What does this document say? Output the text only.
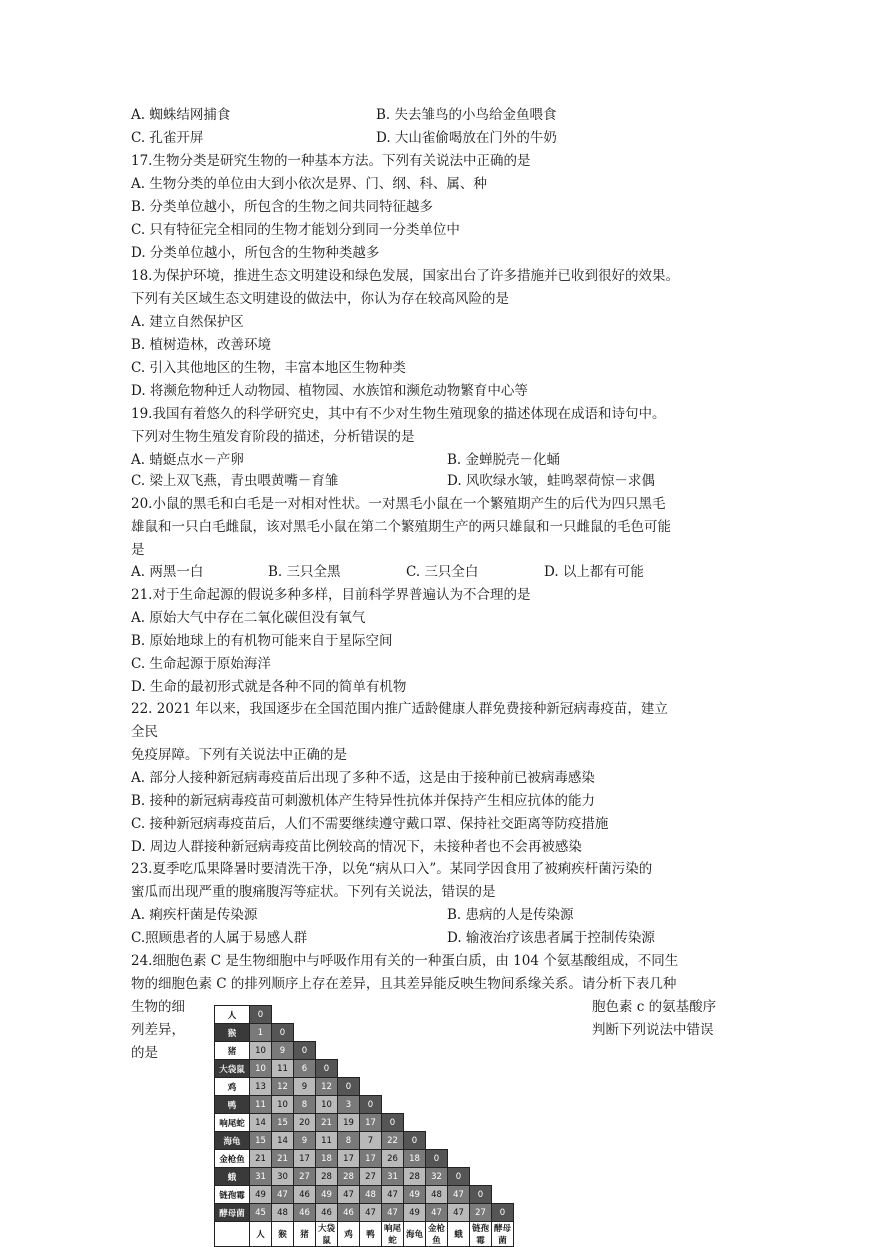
A. 蜘蛛结网捕食	B. 失去雏鸟的小鸟给金鱼喂食
C. 孔雀开屏	D. 大山雀偷喝放在门外的牛奶
17.生物分类是研究生物的一种基本方法。下列有关说法中正确的是
A. 生物分类的单位由大到小依次是界、门、纲、科、属、种
B. 分类单位越小，所包含的生物之间共同特征越多
C. 只有特征完全相同的生物才能划分到同一分类单位中
D. 分类单位越小，所包含的生物种类越多
18.为保护环境，推进生态文明建设和绿色发展，国家出台了许多措施并已收到很好的效果。
下列有关区域生态文明建设的做法中，你认为存在较高风险的是
A. 建立自然保护区
B. 植树造林，改善环境
C. 引入其他地区的生物，丰富本地区生物种类
D. 将濒危物种迁人动物园、植物园、水族馆和濒危动物繁育中心等
19.我国有着悠久的科学研究史，其中有不少对生物生殖现象的描述体现在成语和诗句中。
下列对生物生殖发育阶段的描述，分析错误的是
A. 蜻蜓点水－产卵	B. 金蝉脱壳－化蛹
C. 梁上双飞燕，青虫喂黄嘴－育雏	D. 风吹绿水皱，蛙鸣翠荷惊－求偶
20.小鼠的黑毛和白毛是一对相对性状。一对黑毛小鼠在一个繁殖期产生的后代为四只黑毛
雄鼠和一只白毛雌鼠，该对黑毛小鼠在第二个繁殖期生产的两只雄鼠和一只雌鼠的毛色可能
是
A. 两黑一白	B. 三只全黑	C. 三只全白	D. 以上都有可能
21.对于生命起源的假说多种多样，目前科学界普遍认为不合理的是
A. 原始大气中存在二氧化碳但没有氧气
B. 原始地球上的有机物可能来自于星际空间
C. 生命起源于原始海洋
D. 生命的最初形式就是各种不同的简单有机物
22. 2021 年以来，我国逐步在全国范围内推广适龄健康人群免费接种新冠病毒疫苗，建立
全民
免疫屏障。下列有关说法中正确的是
A. 部分人接种新冠病毒疫苗后出现了多种不适，这是由于接种前已被病毒感染
B. 接种的新冠病毒疫苗可刺激机体产生特异性抗体并保持产生相应抗体的能力
C. 接种新冠病毒疫苗后，人们不需要继续遵守戴口罩、保持社交距离等防疫措施
D. 周边人群接种新冠病毒疫苗比例较高的情况下，未接种者也不会再被感染
23.夏季吃瓜果降暑时要清洗干净，以免“病从口入”。某同学因食用了被痢疾杆菌污染的
蜜瓜而出现严重的腹痛腹泻等症状。下列有关说法，错误的是
A. 痢疾杆菌是传染源	B. 患病的人是传染源
C.照顾患者的人属于易感人群	D. 输液治疗该患者属于控制传染源
24.细胞色素 C 是生物细胞中与呼吸作用有关的一种蛋白质，由 104 个氨基酸组成，不同生
物的细胞色素 C 的排列顺序上存在差异，且其差异能反映生物间系缘关系。请分析下表几种
生物的细
列差异，
的是
胞色素 c 的氨基酸序
判断下列说法中错误
人	0											
猴	1	0										
猪	10	9	0									
大袋鼠	10	11	6	0								
鸡	13	12	9	12	0							
鸭	11	10	8	10	3	0						
响尾蛇	14	15	20	21	19	17	0					
海龟	15	14	9	11	8	7	22	0				
金枪鱼	21	21	17	18	17	17	26	18	0			
蛾	31	30	27	28	28	27	31	28	32	0		
链孢霉	49	47	46	49	47	48	47	49	48	47	0	
酵母菌	45	48	46	46	46	47	47	49	47	47	27	0
	人	猴	猪	大袋鼠	鸡	鸭	响尾蛇	海龟	金枪鱼	蛾	链孢霉	酵母菌
